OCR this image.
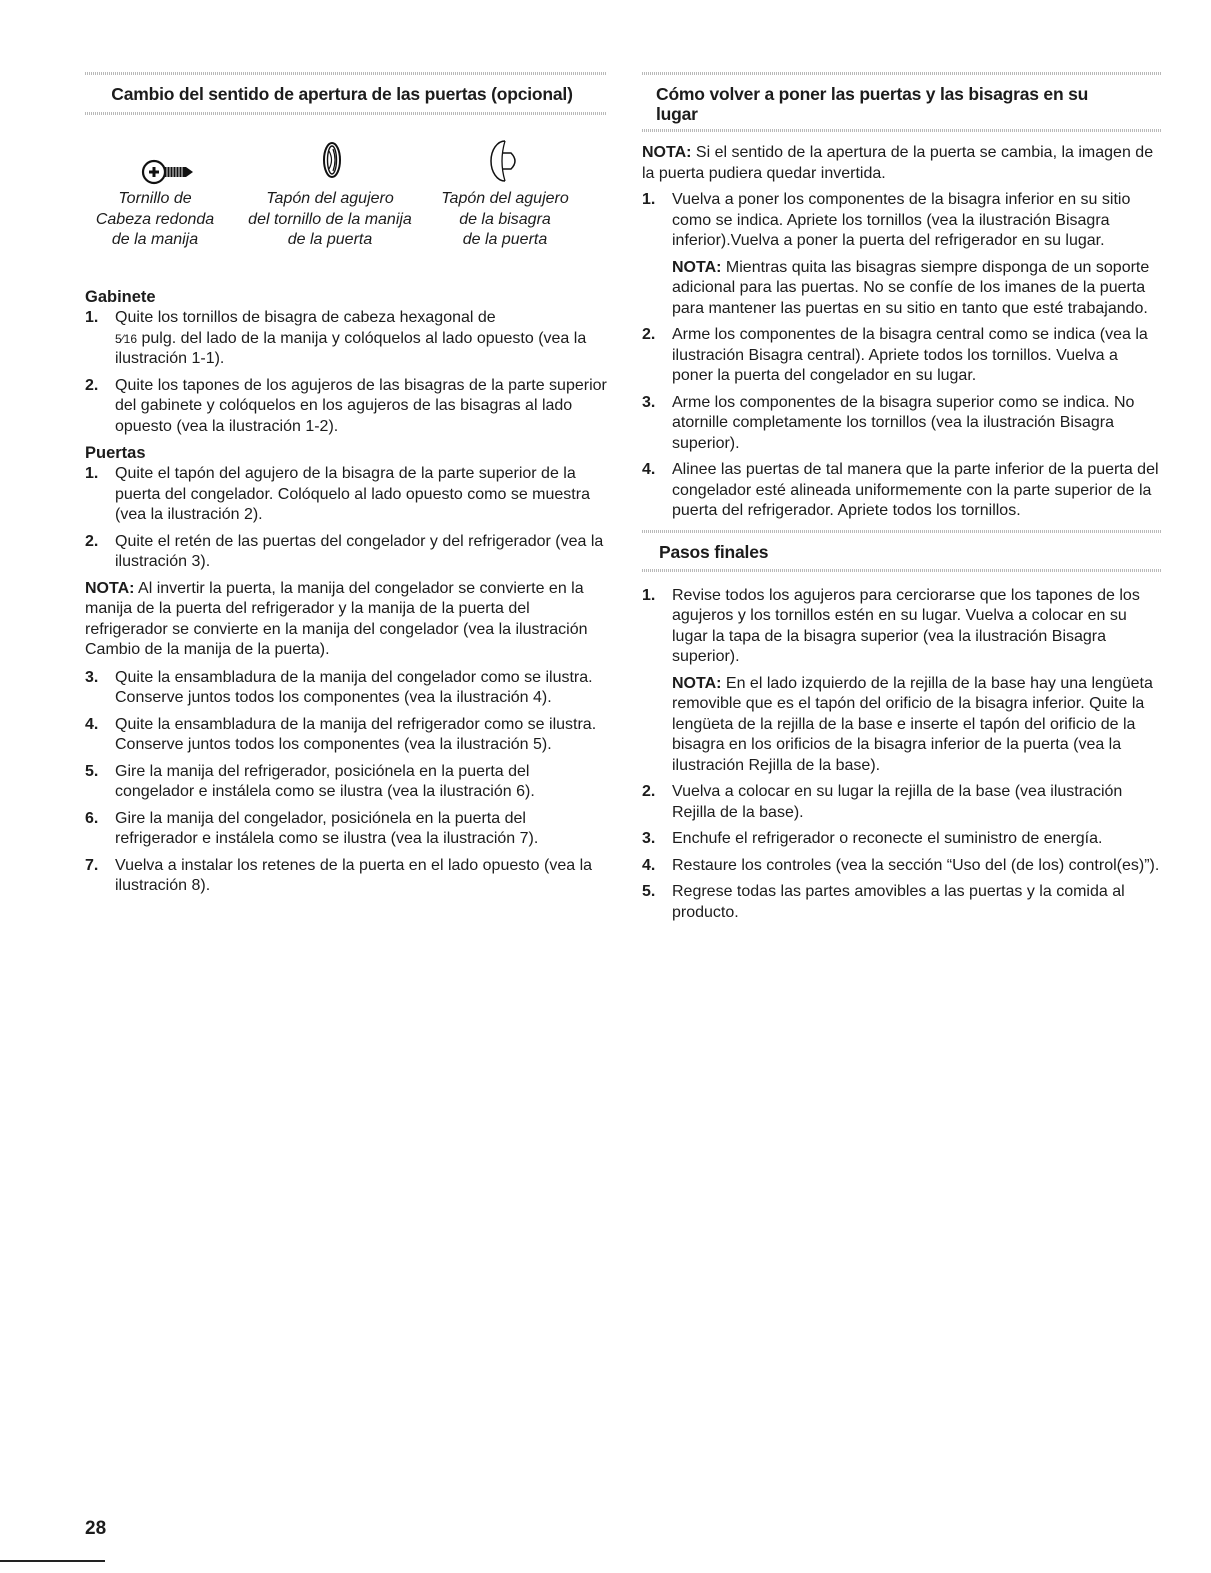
Cambio del sentido de apertura de las puertas (opcional)
Tornillo de
Cabeza redonda
de la manija
Tapón del agujero
del tornillo de la manija
de la puerta
Tapón del agujero
de la bisagra
de la puerta
Gabinete
1. Quite los tornillos de bisagra de cabeza hexagonal de
5⁄16 pulg. del lado de la manija y colóquelos al lado opuesto (vea la ilustración 1-1).
2. Quite los tapones de los agujeros de las bisagras de la parte superior del gabinete y colóquelos en los agujeros de las bisagras al lado opuesto (vea la ilustración 1-2).
Puertas
1. Quite el tapón del agujero de la bisagra de la parte superior de la puerta del congelador. Colóquelo al lado opuesto como se muestra (vea la ilustración 2).
2. Quite el retén de las puertas del congelador y del refrigerador (vea la ilustración 3).
NOTA: Al invertir la puerta, la manija del congelador se convierte en la manija de la puerta del refrigerador y la manija de la puerta del refrigerador se convierte en la manija del congelador (vea la ilustración Cambio de la manija de la puerta).
3. Quite la ensambladura de la manija del congelador como se ilustra. Conserve juntos todos los componentes (vea la ilustración 4).
4. Quite la ensambladura de la manija del refrigerador como se ilustra. Conserve juntos todos los componentes (vea la ilustración 5).
5. Gire la manija del refrigerador, posiciónela en la puerta del congelador e instálela como se ilustra (vea la ilustración 6).
6. Gire la manija del congelador, posiciónela en la puerta del refrigerador e instálela como se ilustra (vea la ilustración 7).
7. Vuelva a instalar los retenes de la puerta en el lado opuesto (vea la ilustración 8).
Cómo volver a poner las puertas y las bisagras en su
lugar
NOTA: Si el sentido de la apertura de la puerta se cambia, la imagen de la puerta pudiera quedar invertida.
1. Vuelva a poner los componentes de la bisagra inferior en su sitio como se indica. Apriete los tornillos (vea la ilustración Bisagra inferior).Vuelva a poner la puerta del refrigerador en su lugar.
NOTA: Mientras quita las bisagras siempre disponga de un soporte adicional para las puertas. No se confíe de los imanes de la puerta para mantener las puertas en su sitio en tanto que esté trabajando.
2. Arme los componentes de la bisagra central como se indica (vea la ilustración Bisagra central). Apriete todos los tornillos. Vuelva a poner la puerta del congelador en su lugar.
3. Arme los componentes de la bisagra superior como se indica. No atornille completamente los tornillos (vea la ilustración Bisagra superior).
4. Alinee las puertas de tal manera que la parte inferior de la puerta del congelador esté alineada uniformemente con la parte superior de la puerta del refrigerador. Apriete todos los tornillos.
Pasos finales
1. Revise todos los agujeros para cerciorarse que los tapones de los agujeros y los tornillos estén en su lugar. Vuelva a colocar en su lugar la tapa de la bisagra superior (vea la ilustración Bisagra superior).
NOTA: En el lado izquierdo de la rejilla de la base hay una lengüeta removible que es el tapón del orificio de la bisagra inferior. Quite la lengüeta de la rejilla de la base e inserte el tapón del orificio de la bisagra en los orificios de la bisagra inferior de la puerta (vea la ilustración Rejilla de la base).
2. Vuelva a colocar en su lugar la rejilla de la base (vea ilustración Rejilla de la base).
3. Enchufe el refrigerador o reconecte el suministro de energía.
4. Restaure los controles (vea la sección “Uso del (de los) control(es)”).
5. Regrese todas las partes amovibles a las puertas y la comida al producto.
28
